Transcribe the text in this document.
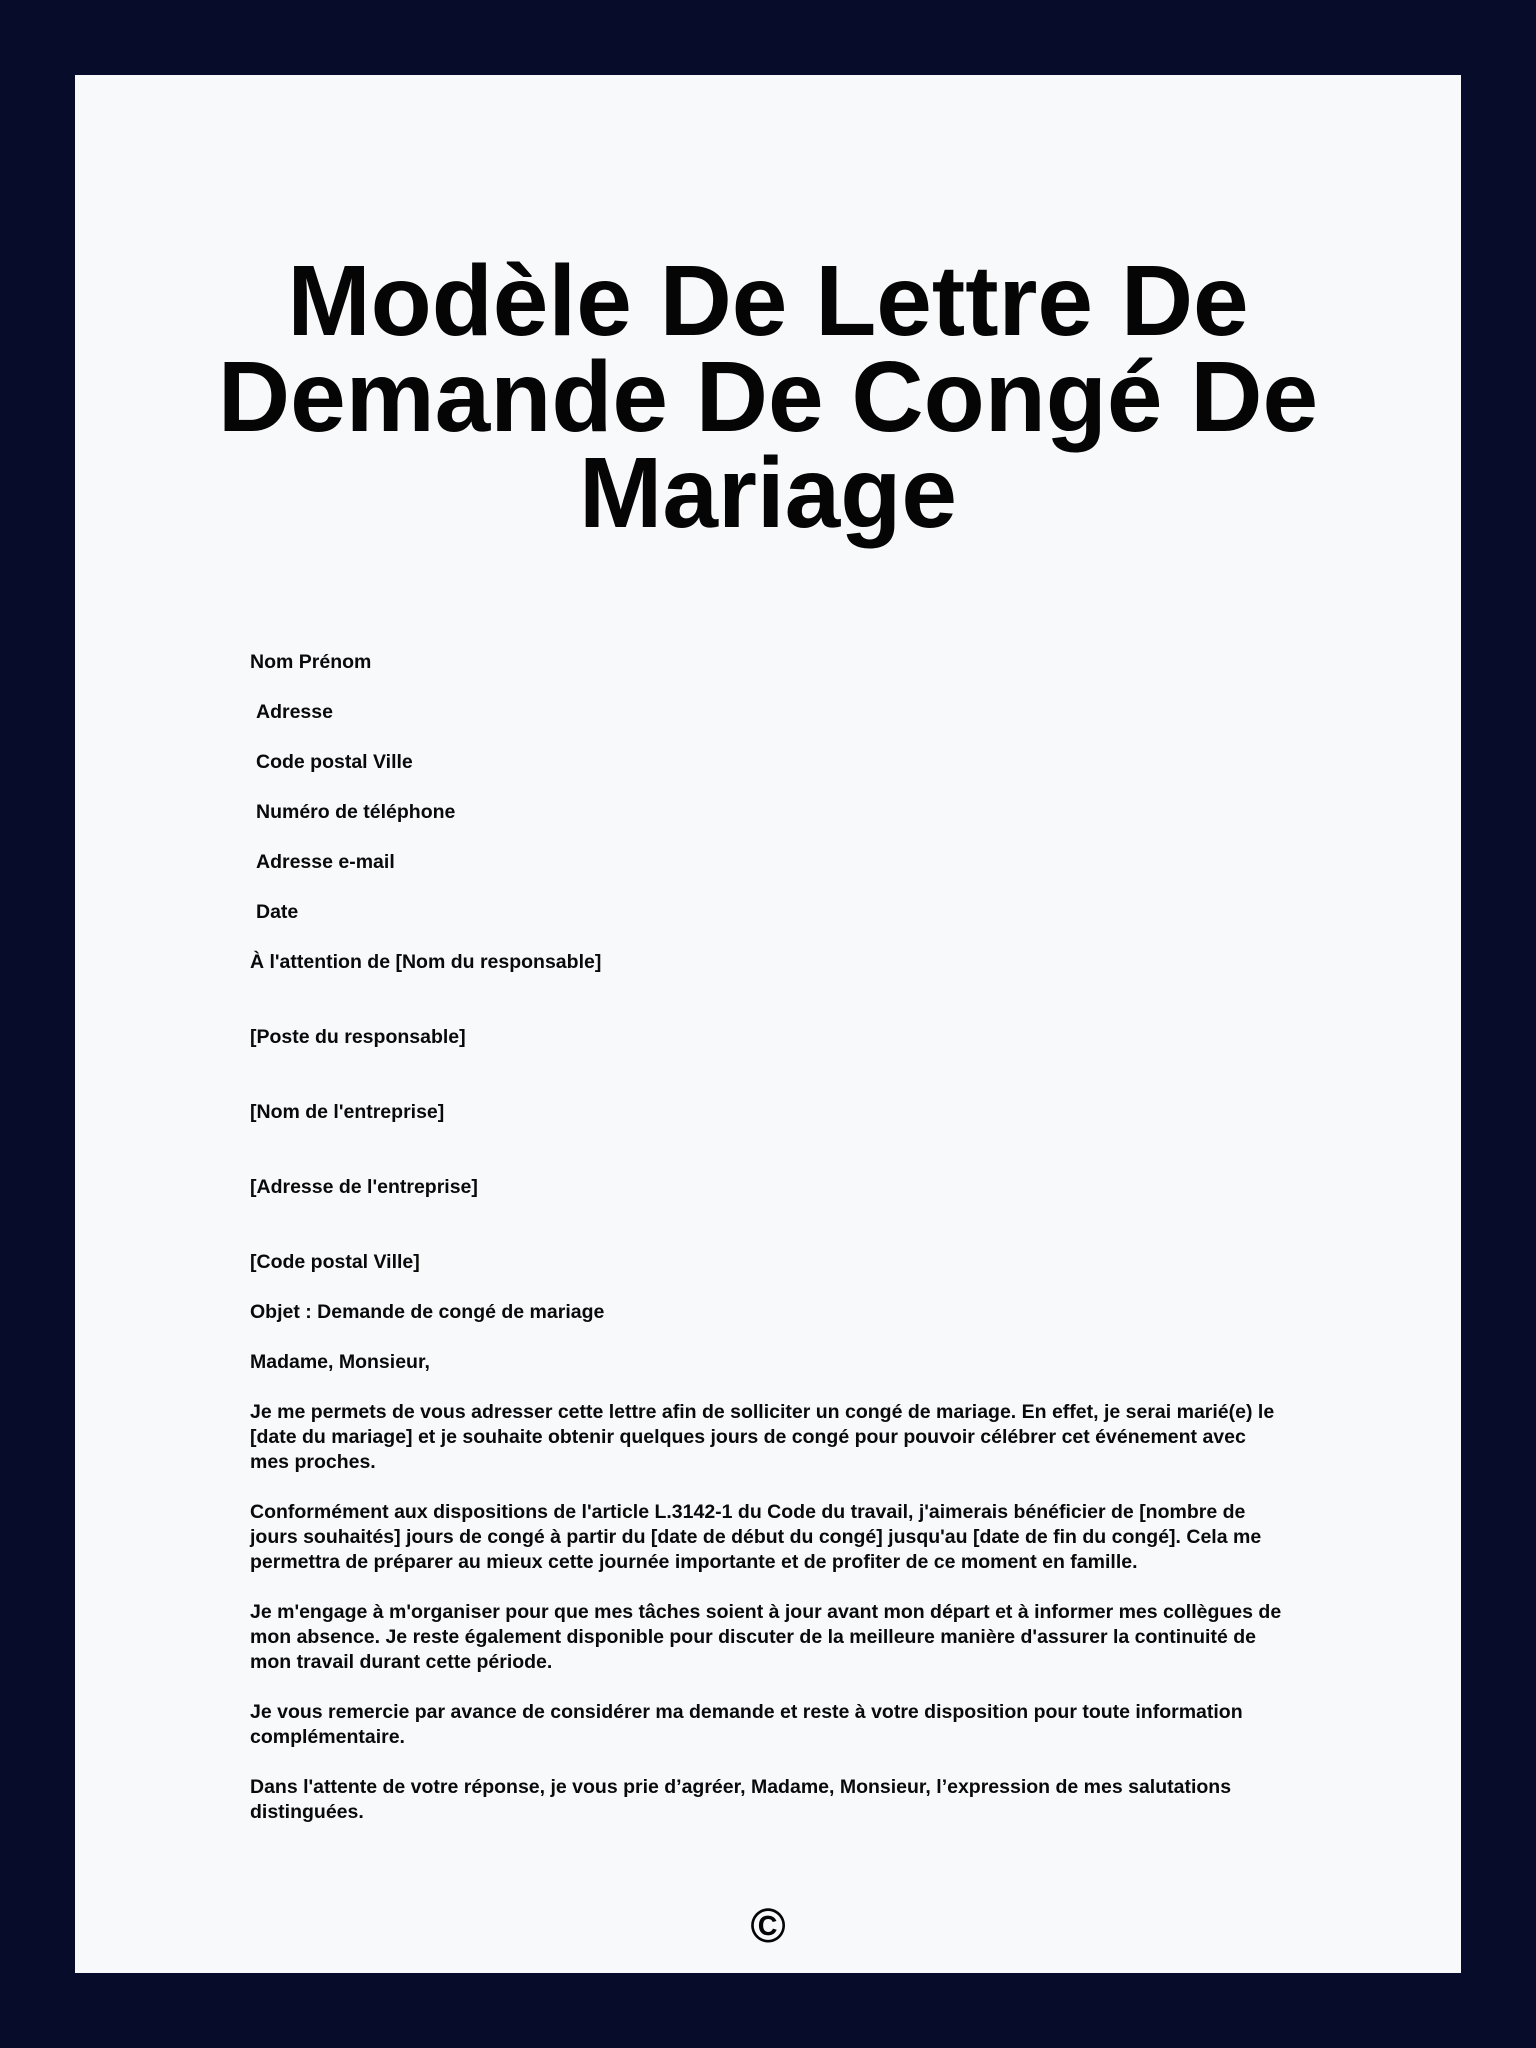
Modèle De Lettre De Demande De Congé De Mariage

Nom Prénom

Adresse

Code postal Ville

Numéro de téléphone

Adresse e-mail

Date

À l'attention de [Nom du responsable]

[Poste du responsable]

[Nom de l'entreprise]

[Adresse de l'entreprise]

[Code postal Ville]

Objet : Demande de congé de mariage

Madame, Monsieur,

Je me permets de vous adresser cette lettre afin de solliciter un congé de mariage. En effet, je serai marié(e) le [date du mariage] et je souhaite obtenir quelques jours de congé pour pouvoir célébrer cet événement avec mes proches.

Conformément aux dispositions de l'article L.3142-1 du Code du travail, j'aimerais bénéficier de [nombre de jours souhaités] jours de congé à partir du [date de début du congé] jusqu'au [date de fin du congé]. Cela me permettra de préparer au mieux cette journée importante et de profiter de ce moment en famille.

Je m'engage à m'organiser pour que mes tâches soient à jour avant mon départ et à informer mes collègues de mon absence. Je reste également disponible pour discuter de la meilleure manière d'assurer la continuité de mon travail durant cette période.

Je vous remercie par avance de considérer ma demande et reste à votre disposition pour toute information complémentaire.

Dans l'attente de votre réponse, je vous prie d’agréer, Madame, Monsieur, l’expression de mes salutations distinguées.

©
